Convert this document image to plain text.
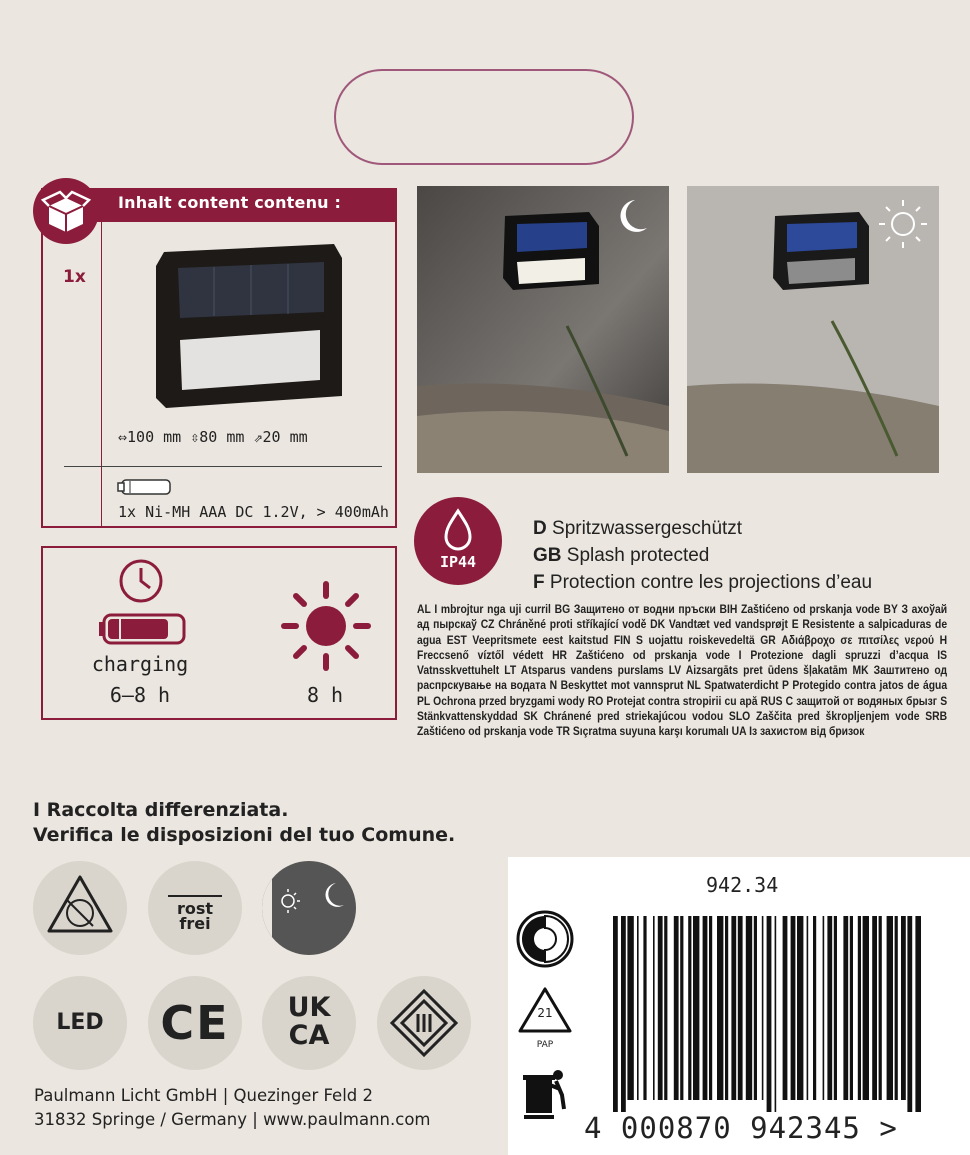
Inhalt content contenu :
1x
⇔100 mm ⇳80 mm ⇗20 mm
1x Ni-MH AAA DC 1.2V, > 400mAh
charging
6–8 h	8 h
IP44
D Spritzwassergeschützt
GB Splash protected
F Protection contre les projections d’eau
AL I mbrojtur nga uji curril BG Защитено от водни пръски BIH Zaštićeno od prskanja vode BY З ахоўай ад пырскаў CZ Chráněné proti stříkající vodě DK Vandtæt ved vandsprøjt E Resistente a salpicaduras de agua EST Veepritsmete eest kaitstud FIN S uojattu roiskevedeltä GR Αδιάβροχο σε πιτσίλες νερού H Freccsenő víztől védett HR Zaštićeno od prskanja vode I Protezione dagli spruzzi d’acqua IS Vatnsskvettuhelt LT Atsparus vandens purslams LV Aizsargāts pret ūdens šļakatām MK Заштитено од распрскување на водата N Beskyttet mot vannsprut NL Spatwaterdicht P Protegido contra jatos de água PL Ochrona przed bryzgami wody RO Protejat contra stropirii cu apă RUS С защитой от водяных брызг S Stänkvattenskyddad SK Chránené pred striekajúcou vodou SLO Zaščita pred škropljenjem vode SRB Zaštićeno od prskanja vode TR Sıçratma suyuna karşı korumalı UA Із захистом від бризок
I Raccolta differenziata.
Verifica le disposizioni del tuo Comune.
rost
frei
LED	CE	UK
CA
Paulmann Licht GmbH | Quezinger Feld 2
31832 Springe / Germany | www.paulmann.com
942.34
21
PAP
4 000870 942345 >
